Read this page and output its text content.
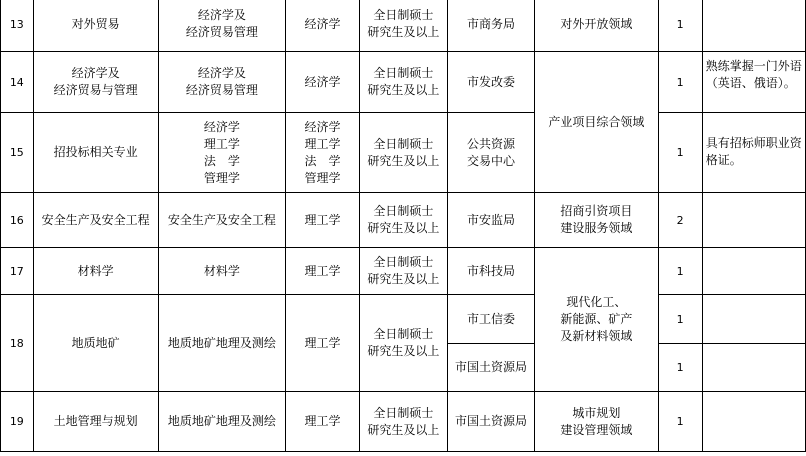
13	对外贸易	经济学及
经济贸易管理	经济学	全日制硕士
研究生及以上	市商务局	对外开放领域	1	
14	经济学及
经济贸易与管理	经济学及
经济贸易管理	经济学	全日制硕士
研究生及以上	市发改委	产业项目综合领域	1	熟练掌握一门外语（英语、俄语）。
15	招投标相关专业	经济学
理工学
法　学
管理学	经济学
理工学
法　学
管理学	全日制硕士
研究生及以上	公共资源
交易中心		1	具有招标师职业资格证。
16	安全生产及安全工程	安全生产及安全工程	理工学	全日制硕士
研究生及以上	市安监局	招商引资项目
建设服务领域	2	
17	材料学	材料学	理工学	全日制硕士
研究生及以上	市科技局	现代化工、
新能源、矿产
及新材料领域	1	
18	地质地矿	地质地矿地理及测绘	理工学	全日制硕士
研究生及以上	市工信委		1	
					市国土资源局		1	
19	土地管理与规划	地质地矿地理及测绘	理工学	全日制硕士
研究生及以上	市国土资源局	城市规划
建设管理领域	1	
